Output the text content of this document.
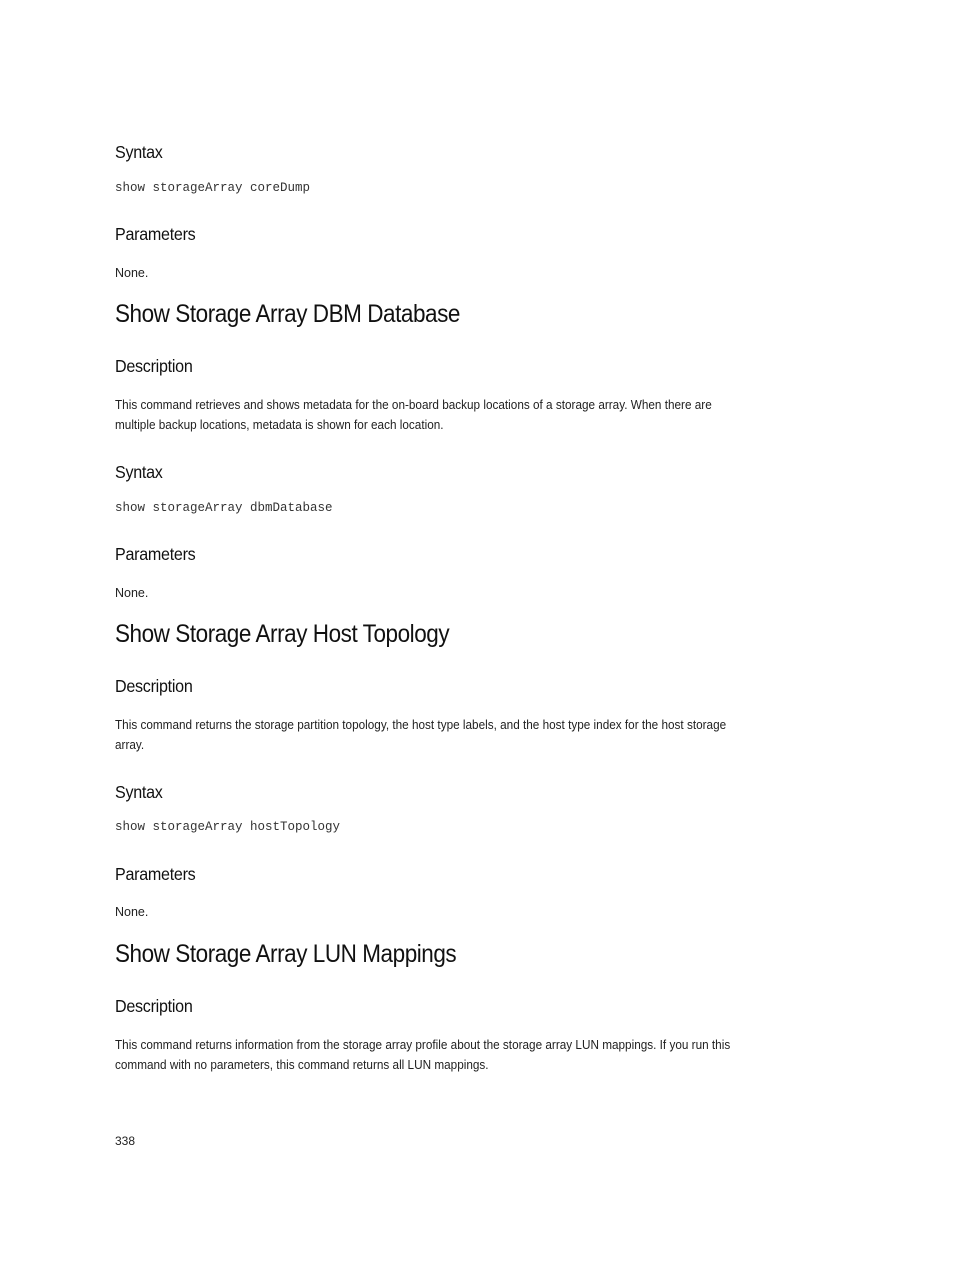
Syntax
show storageArray coreDump
Parameters
None.
Show Storage Array DBM Database
Description
This command retrieves and shows metadata for the on-board backup locations of a storage array. When there are
multiple backup locations, metadata is shown for each location.
Syntax
show storageArray dbmDatabase
Parameters
None.
Show Storage Array Host Topology
Description
This command returns the storage partition topology, the host type labels, and the host type index for the host storage
array.
Syntax
show storageArray hostTopology
Parameters
None.
Show Storage Array LUN Mappings
Description
This command returns information from the storage array profile about the storage array LUN mappings. If you run this
command with no parameters, this command returns all LUN mappings.
338
